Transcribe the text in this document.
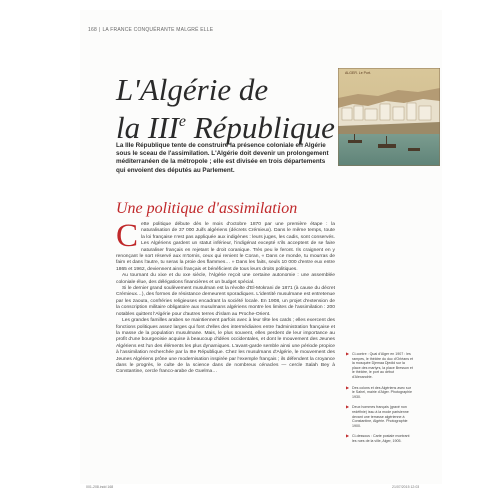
168 | LA FRANCE CONQUÉRANTE MALGRÉ ELLE
L'Algérie de
la IIIe République
ALGER. Le Port.
La IIIe République tente de construire la présence coloniale en Algérie sous le sceau de l'assimilation. L'Algérie doit devenir un prolongement méditerranéen de la métropole ; elle est divisée en trois départements qui envoient des députés au Parlement.
Une politique d'assimilation

Cette politique débute dès le mois d'octobre 1870 par une première étape : la naturalisation de 37 000 Juifs algériens (décrets Crémieux). Dans le même temps, toute la loi française n'est pas appliquée aux indigènes : leurs juges, les cadis, sont conservés. Les Algériens gardent un statut inférieur, l'indigénat excepté s'ils acceptent de se faire naturaliser français en rejetant le droit coranique. Très peu le feront. Ils craignent en y renonçant le sort réservé aux m'tornis, ceux qui renient le Coran, « Dans ce monde, tu mourras de faim et dans l'autre, tu seras la proie des flammes… » Dans les faits, seuls 10 000 d'entre eux entre 1865 et 1962, deviennent ainsi français et bénéficient de tous leurs droits politiques.

Au tournant du xixe et du xxe siècle, l'Algérie reçoit une certaine autonomie : une assemblée coloniale élue, des délégations financières et un budget spécial.

Si le dernier grand soulèvement musulman est la révolte d'El-Mokrani de 1871 (à cause du décret Crémieux…), des formes de résistance demeurent sporadiques. L'identité musulmane est entretenue par les zaouïa, confréries religieuses encadrant la société locale. En 1908, un projet d'extension de la conscription militaire obligatoire aux musulmans algériens montre les limites de l'assimilation : 200 notables quittent l'Algérie pour d'autres terres d'islam au Proche-Orient.

Les grandes familles arabes se maintiennent parfois avec à leur tête les caïds ; elles exercent des fonctions politiques assez larges qui font d'elles des intermédiaires entre l'administration française et la masse de la population musulmane. Mais, le plus souvent, elles perdent de leur importance au profit d'une bourgeoisie acquise à beaucoup d'idées occidentales, et dont le mouvement des Jeunes Algériens est l'un des éléments les plus dynamiques. L'avant-garde semble ainsi une période propice à l'assimilation recherchée par la IIIe République. Chez les musulmans d'Algérie, le mouvement des Jeunes Algériens prône une modernisation inspirée par l'exemple français ; ils défendent la croyance dans le progrès, le culte de la science dans de nombreux cénacles — cercle Salah Bey à Constantine, cercle franco-arabe de Guelma…

▶ Ci-contre : Quai d'Alger en 1907 : les rampes, le théâtre du duc d'Orléans et la mosquée Djemaa Djedid sur la place des martyrs, la place Bresson et le théâtre, le port au début d'Alexandrie.
▶ Des colons et des Algériens avec sur le Sahel, mairie d'Alger. Photographie 1930.
▶ Deux hommes français (gravé non redéfinie) issu à la mode parisienne devant une terrasse algérienne à Constantine, Algérie. Photographie 1900.
▶ Ci-dessous : Carte postale montrant les rues de la ville, Alger, 1905.
001-208.indd 168	21/07/2015 12:03
